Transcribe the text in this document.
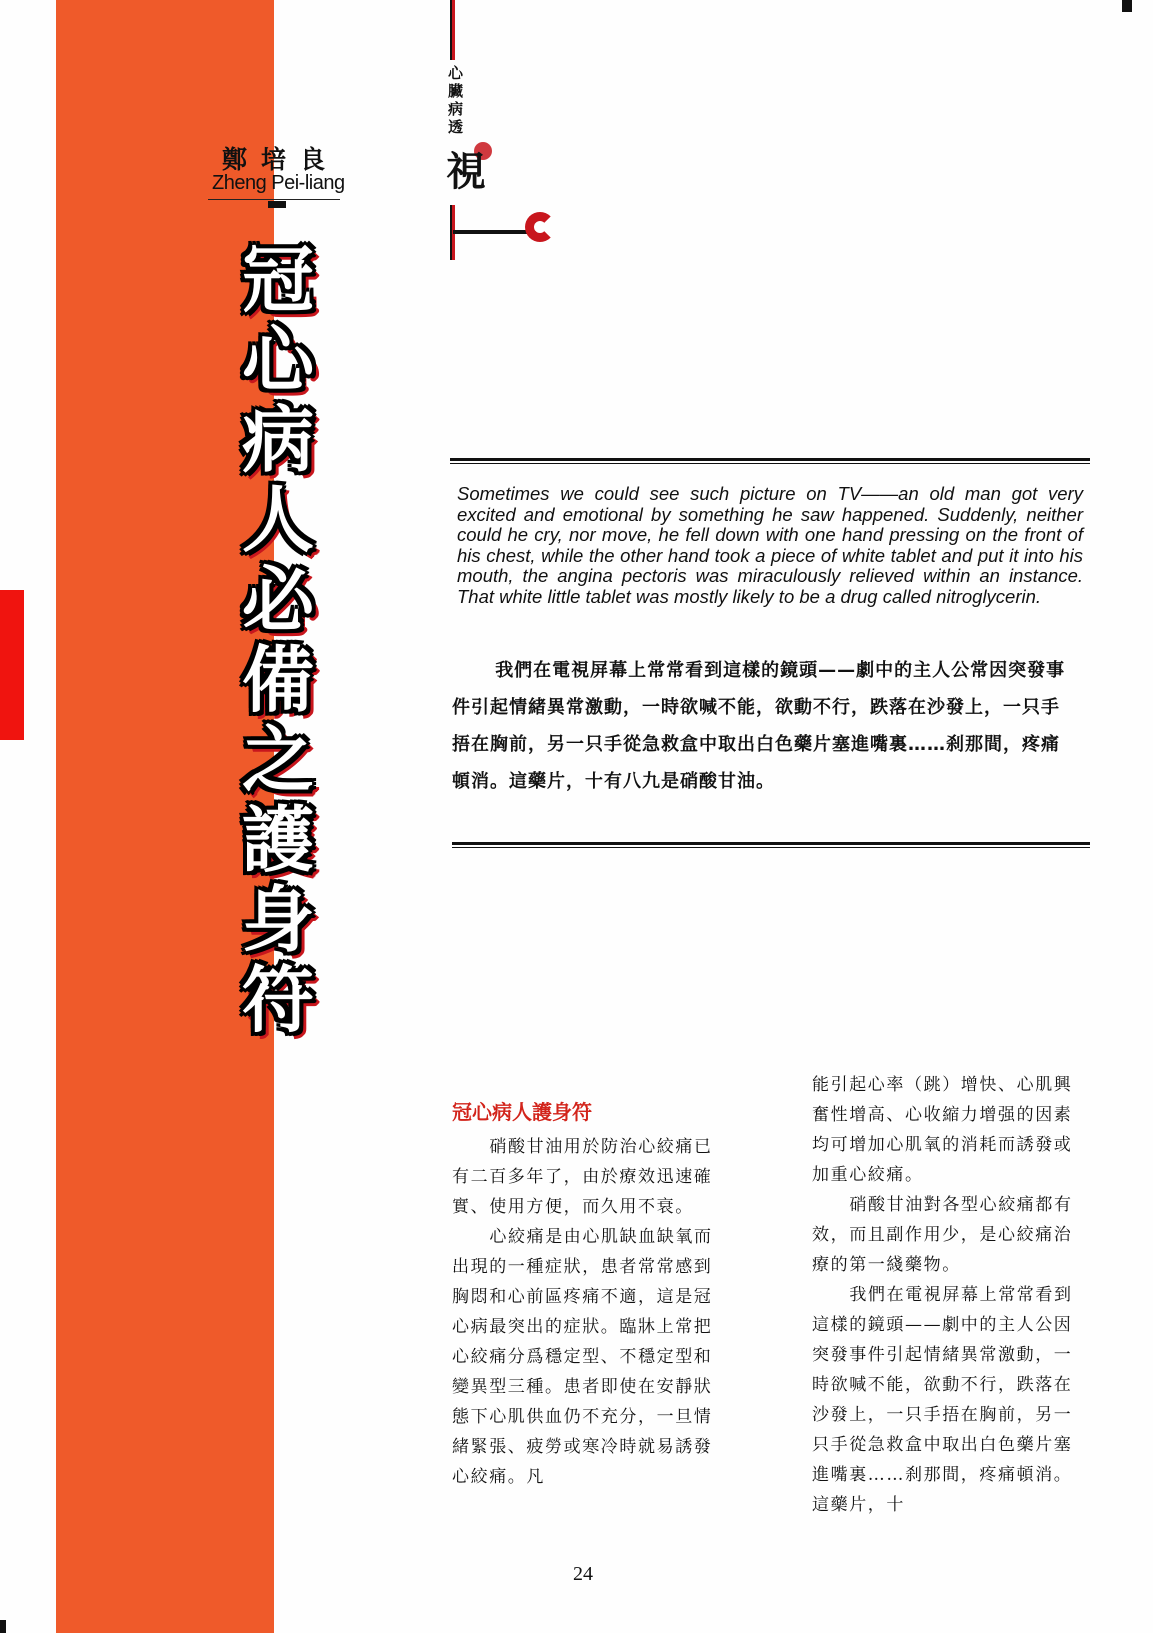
鄭培良
Zheng Pei-liang
冠
心
病
人
必
備
之
護
身
符
心
臟
病
透
視

Sometimes we could see such picture on TV——an old man got very excited and emotional by something he saw happened. Suddenly, neither could he cry, nor move, he fell down with one hand pressing on the front of his chest, while the other hand took a piece of white tablet and put it into his mouth, the angina pectoris was miraculously relieved within an instance. That white little tablet was mostly likely to be a drug called nitroglycerin.

我們在電視屏幕上常常看到這樣的鏡頭——劇中的主人公常因突發事件引起情緒異常激動，一時欲喊不能，欲動不行，跌落在沙發上，一只手捂在胸前，另一只手從急救盒中取出白色藥片塞進嘴裏……刹那間，疼痛頓消。這藥片，十有八九是硝酸甘油。

冠心病人護身符

硝酸甘油用於防治心絞痛已有二百多年了，由於療效迅速確實、使用方便，而久用不衰。

心絞痛是由心肌缺血缺氧而出現的一種症狀，患者常常感到胸悶和心前區疼痛不適，這是冠心病最突出的症狀。臨牀上常把心絞痛分爲穩定型、不穩定型和變異型三種。患者即使在安靜狀態下心肌供血仍不充分，一旦情緒緊張、疲勞或寒冷時就易誘發心絞痛。凡

能引起心率（跳）增快、心肌興奮性增高、心收縮力增强的因素均可增加心肌氧的消耗而誘發或加重心絞痛。

硝酸甘油對各型心絞痛都有效，而且副作用少，是心絞痛治療的第一綫藥物。

我們在電視屏幕上常常看到這樣的鏡頭——劇中的主人公因突發事件引起情緒異常激動，一時欲喊不能，欲動不行，跌落在沙發上，一只手捂在胸前，另一只手從急救盒中取出白色藥片塞進嘴裏……刹那間，疼痛頓消。這藥片，十

24
